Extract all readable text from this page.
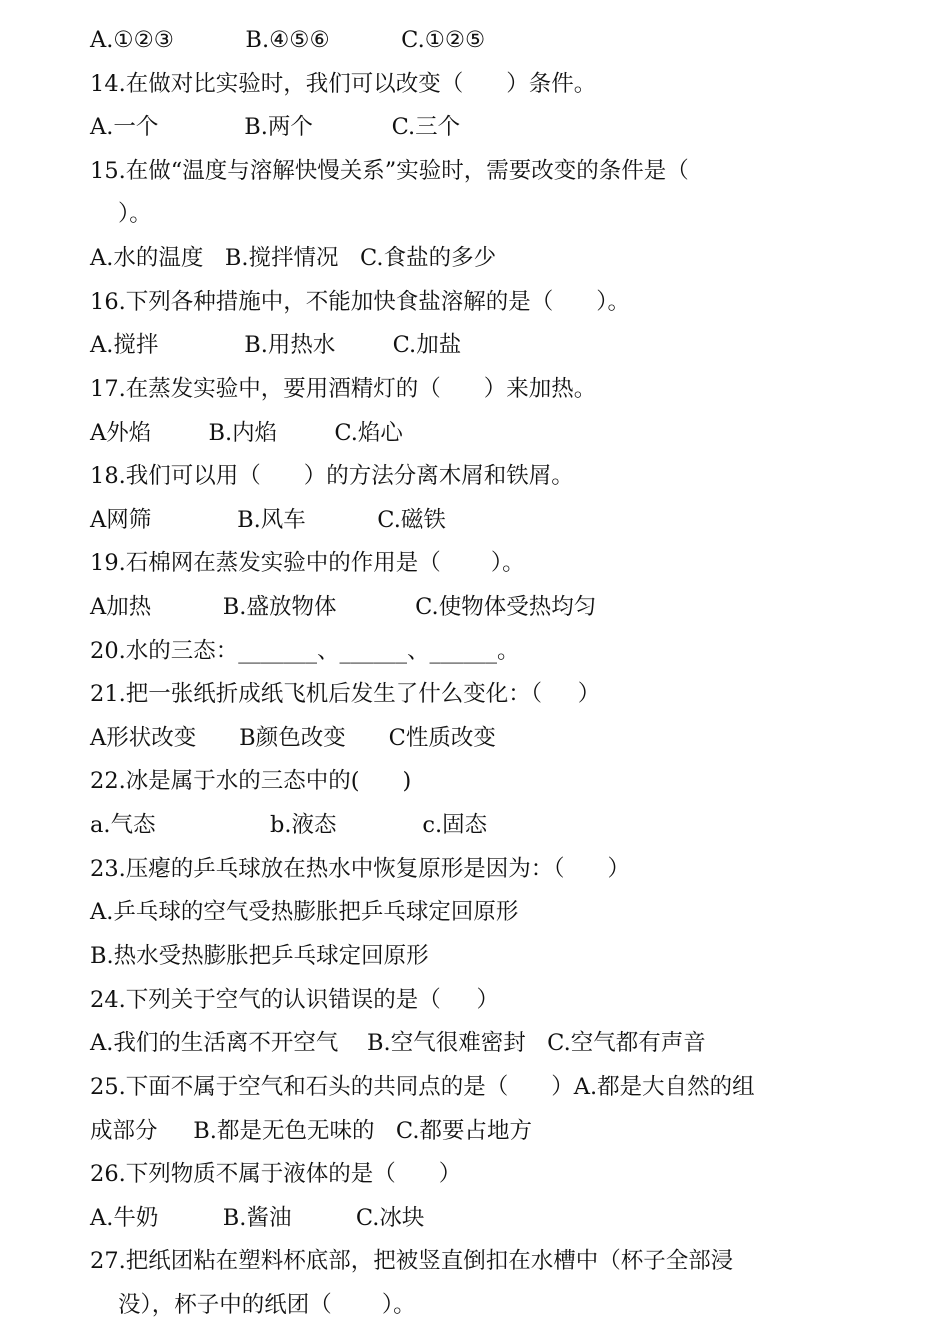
A.①②③          B.④⑤⑥          C.①②⑤
14.在做对比实验时，我们可以改变（      ）条件。
A.一个            B.两个           C.三个
15.在做“温度与溶解快慢关系”实验时，需要改变的条件是（
）。
A.水的温度   B.搅拌情况   C.食盐的多少
16.下列各种措施中，不能加快食盐溶解的是（      ）。
A.搅拌            B.用热水        C.加盐
17.在蒸发实验中，要用酒精灯的（      ）来加热。
A外焰        B.内焰        C.焰心
18.我们可以用（      ）的方法分离木屑和铁屑。
A网筛            B.风车          C.磁铁
19.石棉网在蒸发实验中的作用是（       ）。
A加热          B.盛放物体           C.使物体受热均匀
20.水的三态：_______、______、______。
21.把一张纸折成纸飞机后发生了什么变化：（     ）
A形状改变      B颜色改变      C性质改变
22.冰是属于水的三态中的(      )
a.气态                b.液态            c.固态
23.压瘪的乒乓球放在热水中恢复原形是因为：（      ）
A.乒乓球的空气受热膨胀把乒乓球定回原形
B.热水受热膨胀把乒乓球定回原形
24.下列关于空气的认识错误的是（     ）
A.我们的生活离不开空气    B.空气很难密封   C.空气都有声音
25.下面不属于空气和石头的共同点的是（      ）A.都是大自然的组
成部分     B.都是无色无味的   C.都要占地方
26.下列物质不属于液体的是（      ）
A.牛奶         B.酱油         C.冰块
27.把纸团粘在塑料杯底部，把被竖直倒扣在水槽中（杯子全部浸
没），杯子中的纸团（       ）。
